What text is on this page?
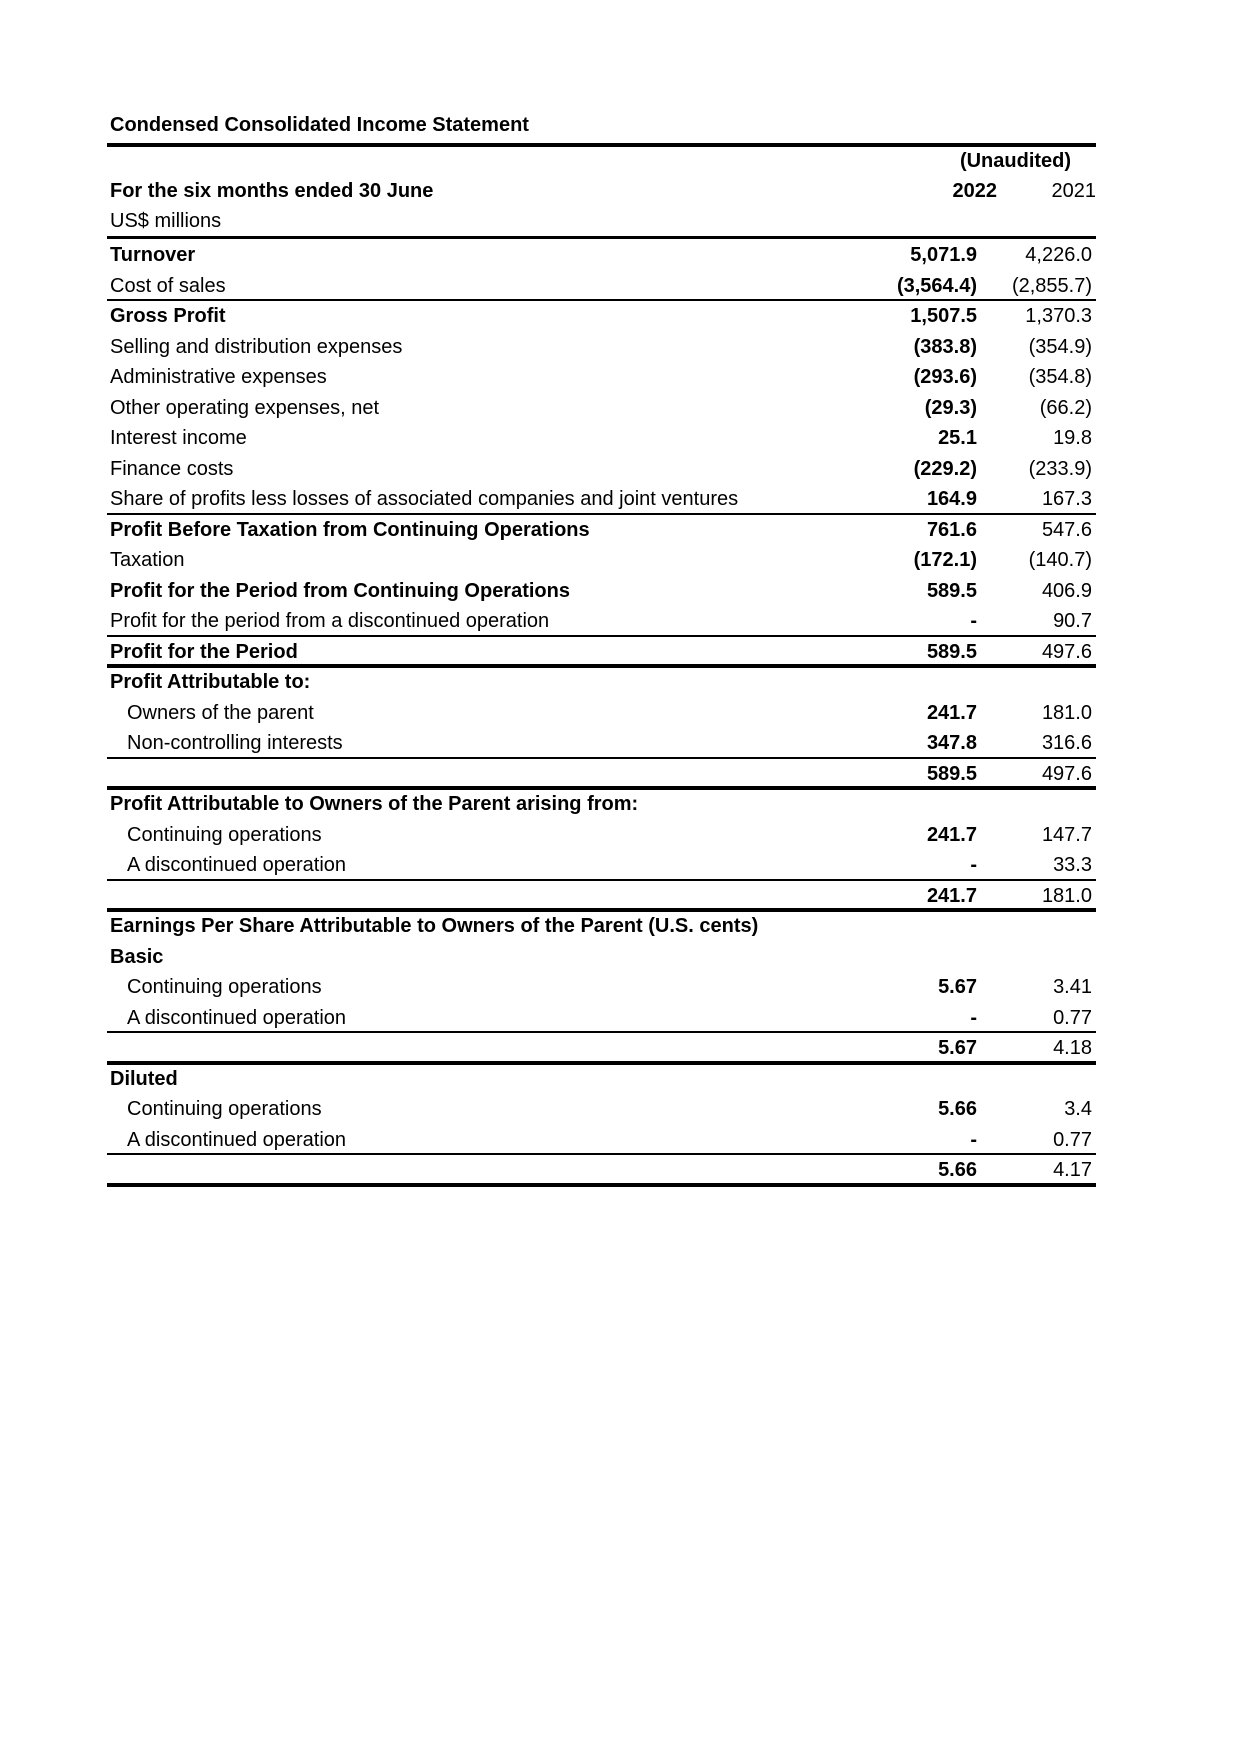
Condensed Consolidated Income Statement
(Unaudited)
For the six months ended 30 June	2022	2021
US$ millions
Turnover	5,071.9	4,226.0
Cost of sales	(3,564.4)	(2,855.7)
Gross Profit	1,507.5	1,370.3
Selling and distribution expenses	(383.8)	(354.9)
Administrative expenses	(293.6)	(354.8)
Other operating expenses, net	(29.3)	(66.2)
Interest income	25.1	19.8
Finance costs	(229.2)	(233.9)
Share of profits less losses of associated companies and joint ventures	164.9	167.3
Profit Before Taxation from Continuing Operations	761.6	547.6
Taxation	(172.1)	(140.7)
Profit for the Period from Continuing Operations	589.5	406.9
Profit for the period from a discontinued operation	-	90.7
Profit for the Period	589.5	497.6
Profit Attributable to:
Owners of the parent	241.7	181.0
Non-controlling interests	347.8	316.6
589.5	497.6
Profit Attributable to Owners of the Parent arising from:
Continuing operations	241.7	147.7
A discontinued operation	-	33.3
241.7	181.0
Earnings Per Share Attributable to Owners of the Parent (U.S. cents)
Basic
Continuing operations	5.67	3.41
A discontinued operation	-	0.77
5.67	4.18
Diluted
Continuing operations	5.66	3.4
A discontinued operation	-	0.77
5.66	4.17
